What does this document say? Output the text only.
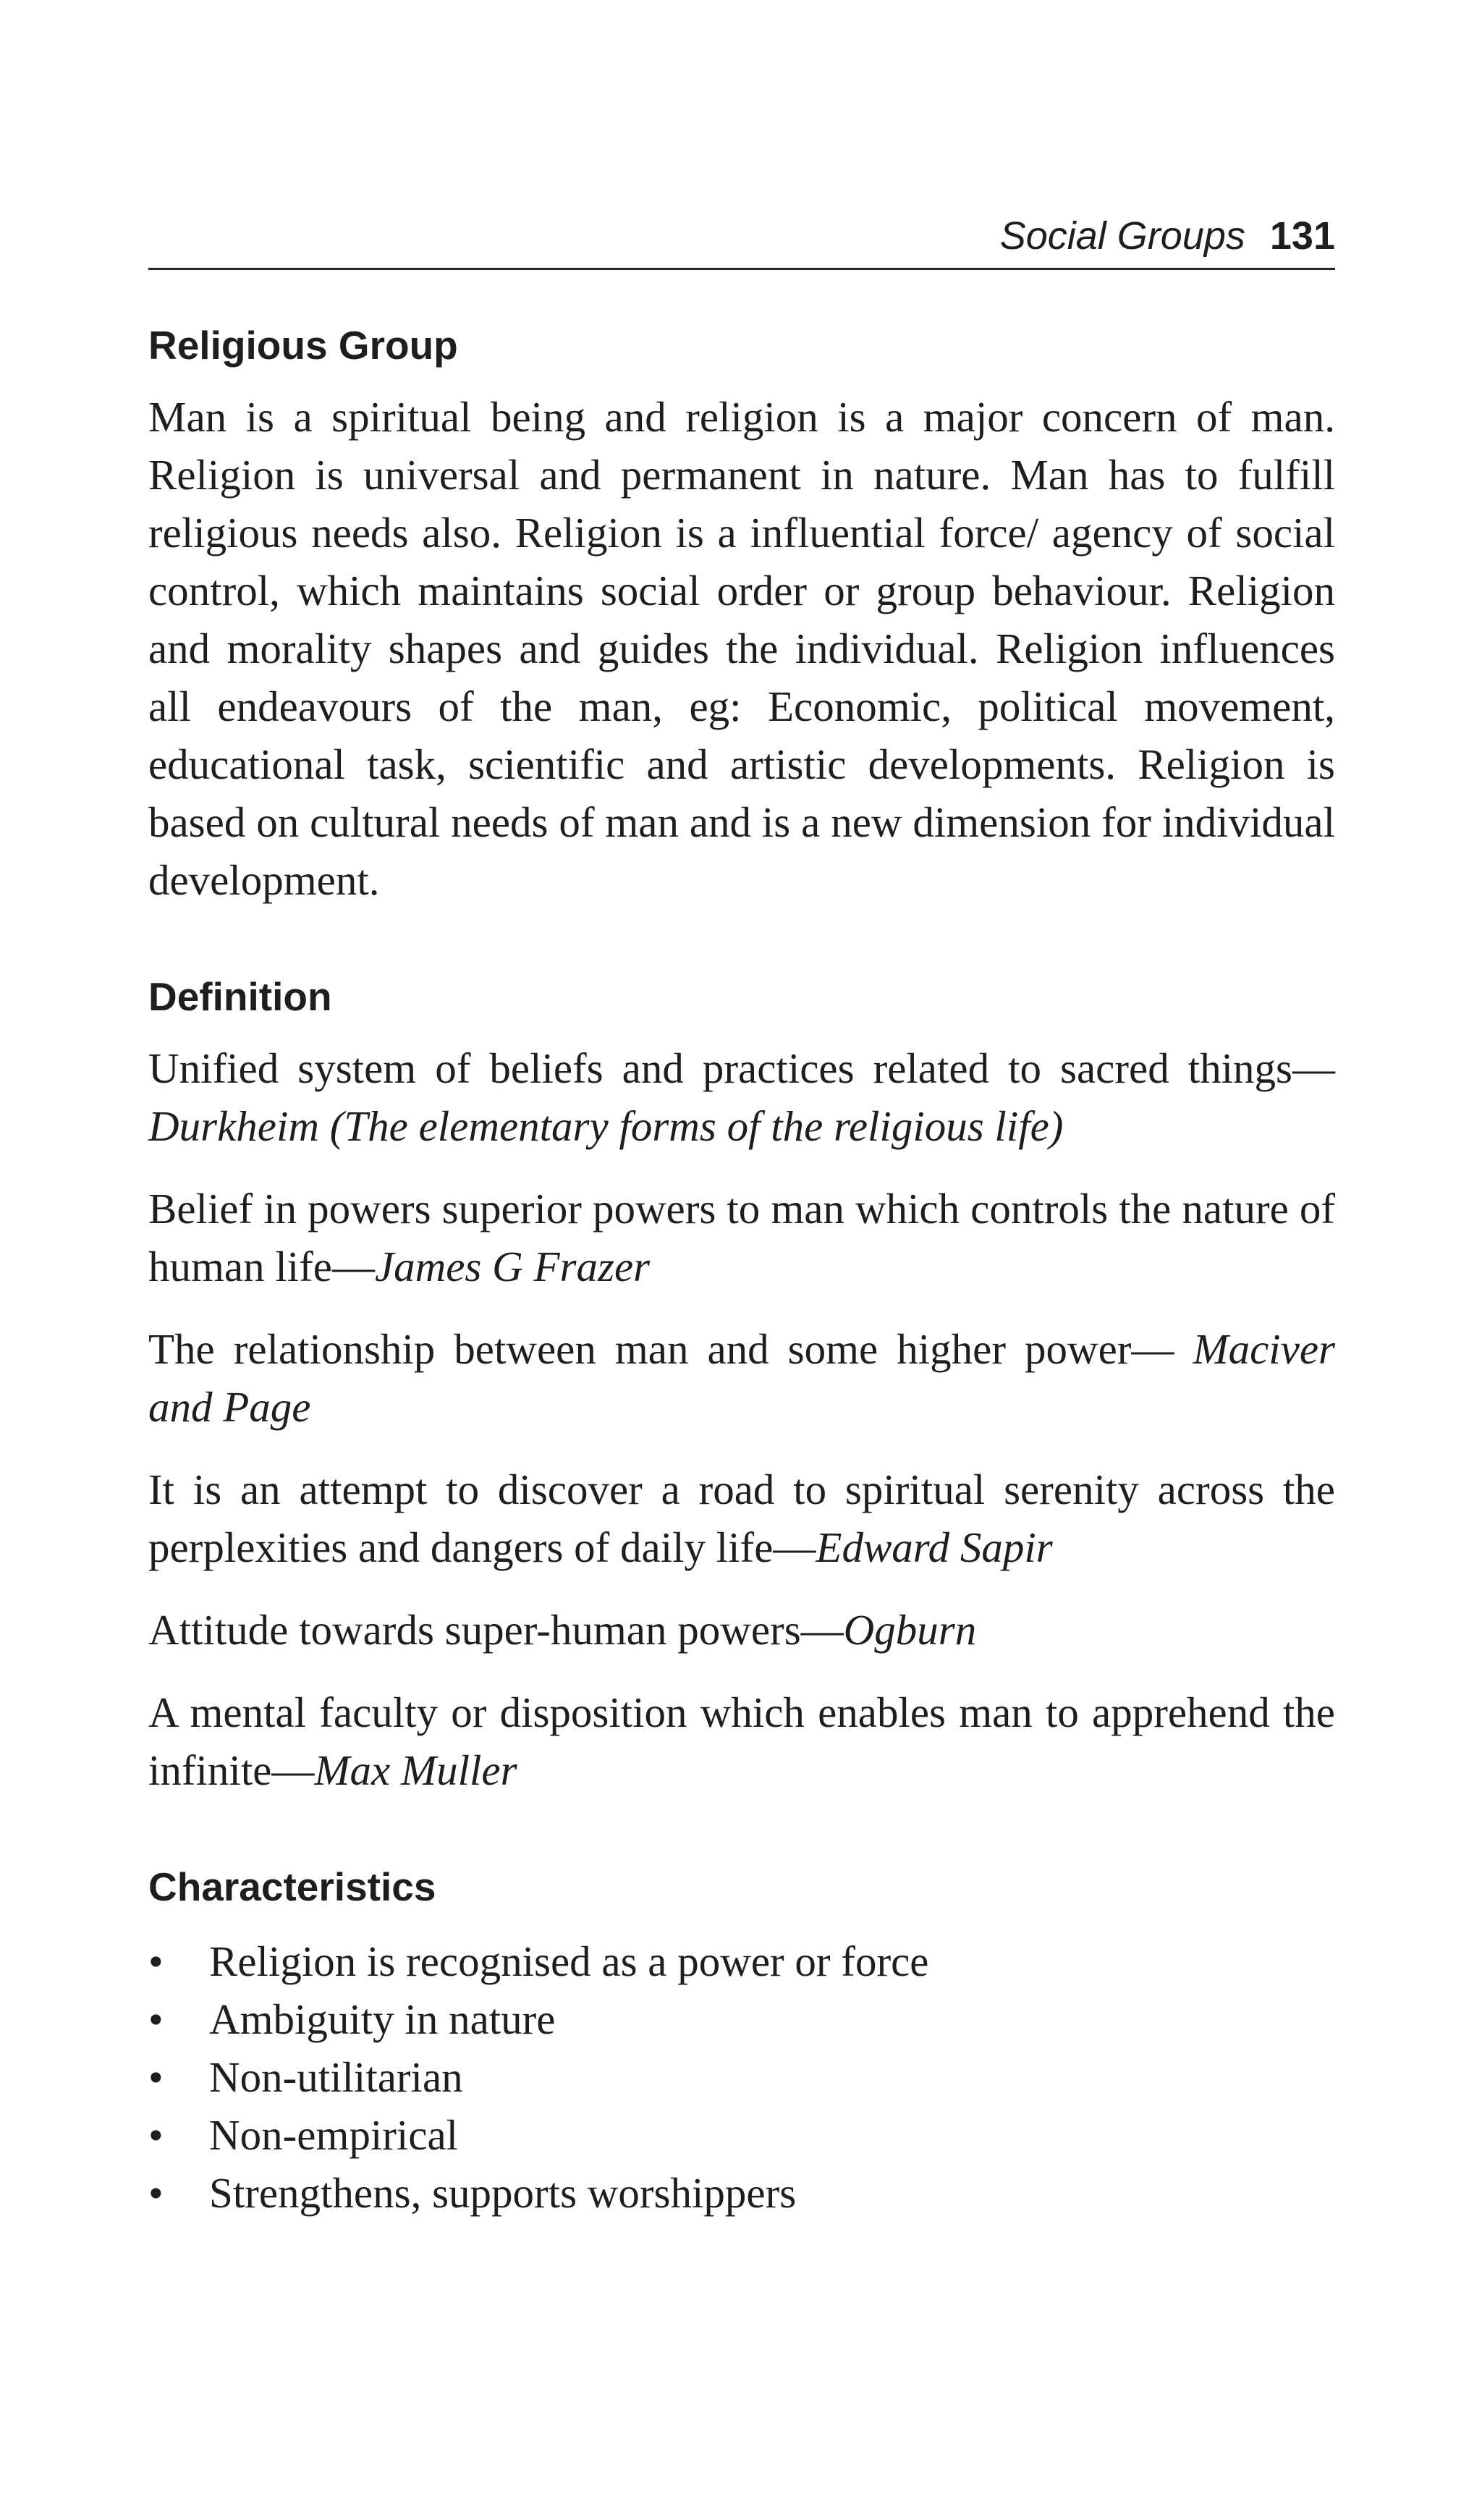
Social Groups 131
Religious Group

Man is a spiritual being and religion is a major concern of man. Religion is universal and permanent in nature. Man has to fulfill religious needs also. Religion is a influential force/ agency of social control, which maintains social order or group behaviour. Religion and morality shapes and guides the individual. Religion influences all endeavours of the man, eg: Economic, political movement, educational task, scientific and artistic developments. Religion is based on cultural needs of man and is a new dimension for individual development.

Definition

Unified system of beliefs and practices related to sacred things—Durkheim (The elementary forms of the religious life)

Belief in powers superior powers to man which controls the nature of human life—James G Frazer

The relationship between man and some higher power— Maciver and Page

It is an attempt to discover a road to spiritual serenity across the perplexities and dangers of daily life—Edward Sapir

Attitude towards super-human powers—Ogburn

A mental faculty or disposition which enables man to apprehend the infinite—Max Muller

Characteristics
•	Religion is recognised as a power or force
•	Ambiguity in nature
•	Non-utilitarian
•	Non-empirical
•	Strengthens, supports worshippers
